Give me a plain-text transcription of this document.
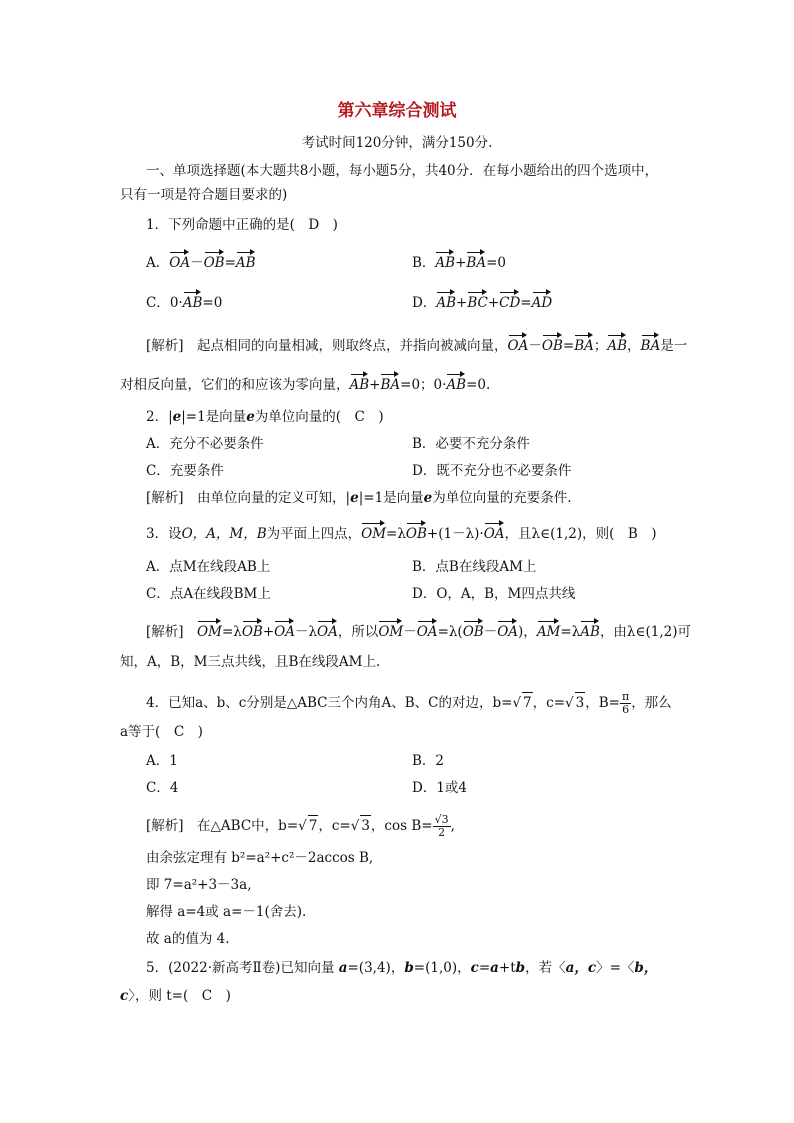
第六章综合测试
考试时间120分钟，满分150分.
一、单项选择题(本大题共8小题，每小题5分，共40分．在每小题给出的四个选项中，
只有一项是符合题目要求的)
1．下列命题中正确的是(　D　)
A．OA－OB=AB	B．AB+BA=0
C．0·AB=0	D．AB+BC+CD=AD
[解析]　 起点相同的向量相减，则取终点，并指向被减向量，OA－OB=BA；AB，BA是一
对相反向量，它们的和应该为零向量，AB+BA=0；0·AB=0.
2．|e|=1是向量e为单位向量的(　C　)
A．充分不必要条件	B．必要不充分条件
C．充要条件	D．既不充分也不必要条件
[解析]　 由单位向量的定义可知，|e|=1是向量e为单位向量的充要条件.
3．设O，A，M，B为平面上四点，OM=λOB+(1－λ)·OA，且λ∈(1,2)，则(　B　)
A．点M在线段AB上	B．点B在线段AM上
C．点A在线段BM上	D．O，A，B，M四点共线
[解析]　 OM=λOB+OA－λOA，所以OM－OA=λ(OB－OA)，AM=λAB，由λ∈(1,2)可
知，A，B，M三点共线，且B在线段AM上.
4．已知a、b、c分别是△ABC三个内角A、B、C的对边，b=√ 7，c=√ 3，$B= \frac{\pi}{6}$ ，那么
a等于(　C　)
A．1	B．2
C．4	D．1或4
[解析]　 在△ABC中，b=√ 7，c=√ 3，$\cos B= \frac{√3}{2}$ ,
由余弦定理有 b²=a²+c²－2accos B,
即 7=a²+3－3a,
解得 a=4或 a=－1(舍去).
故 a的值为 4.
5．(2022·新高考Ⅱ卷)已知向量 a=(3,4)，b=(1,0)，c=a+tb，若〈a，c〉=〈b，
c〉，则 t=(　C　)
